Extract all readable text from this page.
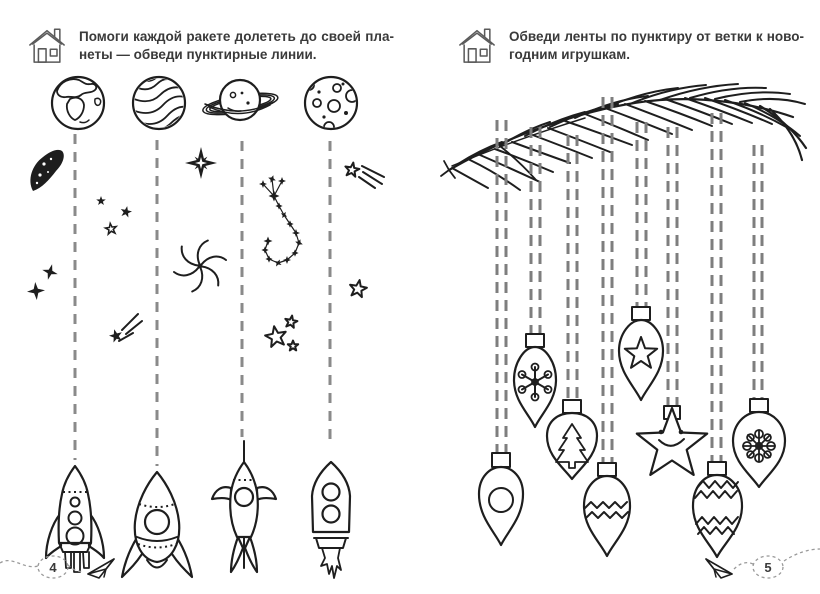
Помоги каждой ракете долететь до своей пла-
неты — обведи пунктирные линии.
Обведи ленты по пунктиру от ветки к ново-
годним игрушкам.
4	5
